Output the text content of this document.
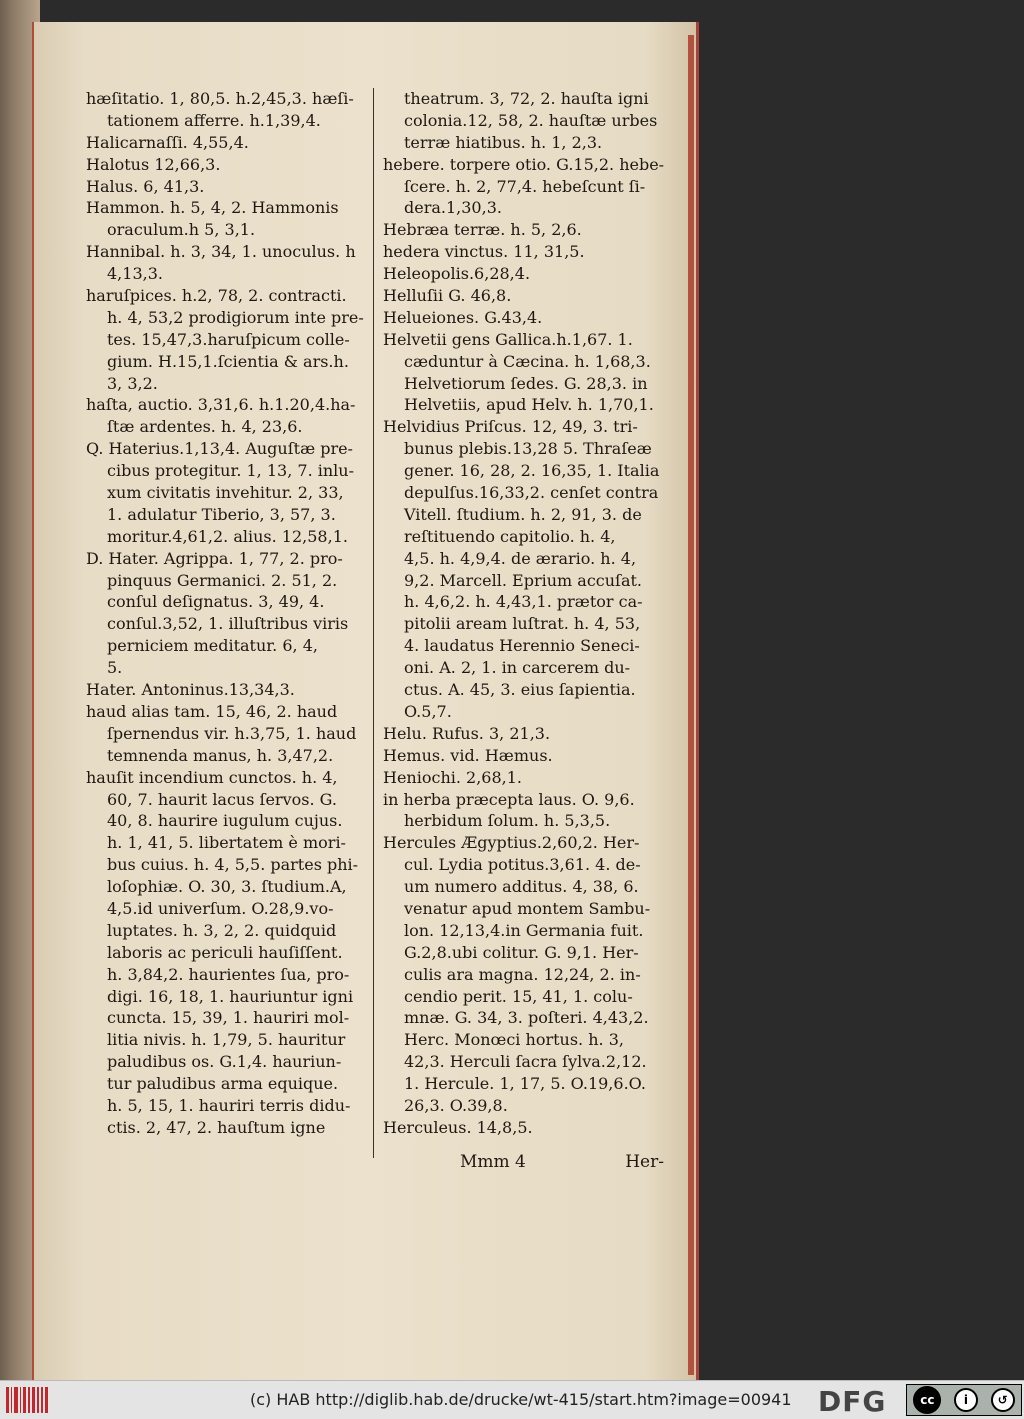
hæſitatio. 1, 80,5. h.2,45,3. hæſi-
tationem afferre. h.1,39,4.
Halicarnaſſi. 4,55,4.
Halotus 12,66,3.
Halus. 6, 41,3.
Hammon. h. 5, 4, 2. Hammonis
oraculum.h 5, 3,1.
Hannibal. h. 3, 34, 1. unoculus. h
4,13,3.
haruſpices. h.2, 78, 2. contracti.
h. 4, 53,2 prodigiorum inte pre-
tes. 15,47,3.haruſpicum colle-
gium. H.15,1.ſcientia & ars.h.
3, 3,2.
haſta, auctio. 3,31,6. h.1.20,4.ha-
ſtæ ardentes. h. 4, 23,6.
Q. Haterius.1,13,4. Auguſtæ pre-
cibus protegitur. 1, 13, 7. inlu-
xum civitatis invehitur. 2, 33,
1. adulatur Tiberio, 3, 57, 3.
moritur.4,61,2. alius. 12,58,1.
D. Hater. Agrippa. 1, 77, 2. pro-
pinquus Germanici. 2. 51, 2.
conſul deſignatus. 3, 49, 4.
conſul.3,52, 1. illuſtribus viris
perniciem meditatur. 6, 4,
5.
Hater. Antoninus.13,34,3.
haud alias tam. 15, 46, 2. haud
ſpernendus vir. h.3,75, 1. haud
temnenda manus, h. 3,47,2.
hauſit incendium cunctos. h. 4,
60, 7. haurit lacus ſervos. G.
40, 8. haurire iugulum cujus.
h. 1, 41, 5. libertatem è mori-
bus cuius. h. 4, 5,5. partes phi-
loſophiæ. O. 30, 3. ſtudium.A,
4,5.id univerſum. O.28,9.vo-
luptates. h. 3, 2, 2. quidquid
laboris ac periculi hauſiſſent.
h. 3,84,2. haurientes ſua, pro-
digi. 16, 18, 1. hauriuntur igni
cuncta. 15, 39, 1. hauriri mol-
litia nivis. h. 1,79, 5. hauritur
paludibus os. G.1,4. hauriun-
tur paludibus arma equique.
h. 5, 15, 1. hauriri terris didu-
ctis. 2, 47, 2. hauſtum igne
theatrum. 3, 72, 2. hauſta igni
colonia.12, 58, 2. hauſtæ urbes
terræ hiatibus. h. 1, 2,3.
hebere. torpere otio. G.15,2. hebe-
ſcere. h. 2, 77,4. hebeſcunt ſi-
dera.1,30,3.
Hebræa terræ. h. 5, 2,6.
hedera vinctus. 11, 31,5.
Heleopolis.6,28,4.
Helluſii G. 46,8.
Helueiones. G.43,4.
Helvetii gens Gallica.h.1,67. 1.
cæduntur à Cæcina. h. 1,68,3.
Helvetiorum ſedes. G. 28,3. in
Helvetiis, apud Helv. h. 1,70,1.
Helvidius Priſcus. 12, 49, 3. tri-
bunus plebis.13,28 5. Thraſeæ
gener. 16, 28, 2. 16,35, 1. Italia
depulſus.16,33,2. cenſet contra
Vitell. ſtudium. h. 2, 91, 3. de
reſtituendo capitolio. h. 4,
4,5. h. 4,9,4. de ærario. h. 4,
9,2. Marcell. Eprium accuſat.
h. 4,6,2. h. 4,43,1. prætor ca-
pitolii aream luſtrat. h. 4, 53,
4. laudatus Herennio Seneci-
oni. A. 2, 1. in carcerem du-
ctus. A. 45, 3. eius ſapientia.
O.5,7.
Helu. Rufus. 3, 21,3.
Hemus. vid. Hæmus.
Heniochi. 2,68,1.
in herba præcepta laus. O. 9,6.
herbidum ſolum. h. 5,3,5.
Hercules Ægyptius.2,60,2. Her-
cul. Lydia potitus.3,61. 4. de-
um numero additus. 4, 38, 6.
venatur apud montem Sambu-
lon. 12,13,4.in Germania fuit.
G.2,8.ubi colitur. G. 9,1. Her-
culis ara magna. 12,24, 2. in-
cendio perit. 15, 41, 1. colu-
mnæ. G. 34, 3. poſteri. 4,43,2.
Herc. Monœci hortus. h. 3,
42,3. Herculi ſacra ſylva.2,12.
1. Hercule. 1, 17, 5. O.19,6.O.
26,3. O.39,8.
Herculeus. 14,8,5.
Mmm 4	Her-
(c) HAB http://diglib.hab.de/drucke/wt-415/start.htm?image=00941 DFG	cc	i	↺
